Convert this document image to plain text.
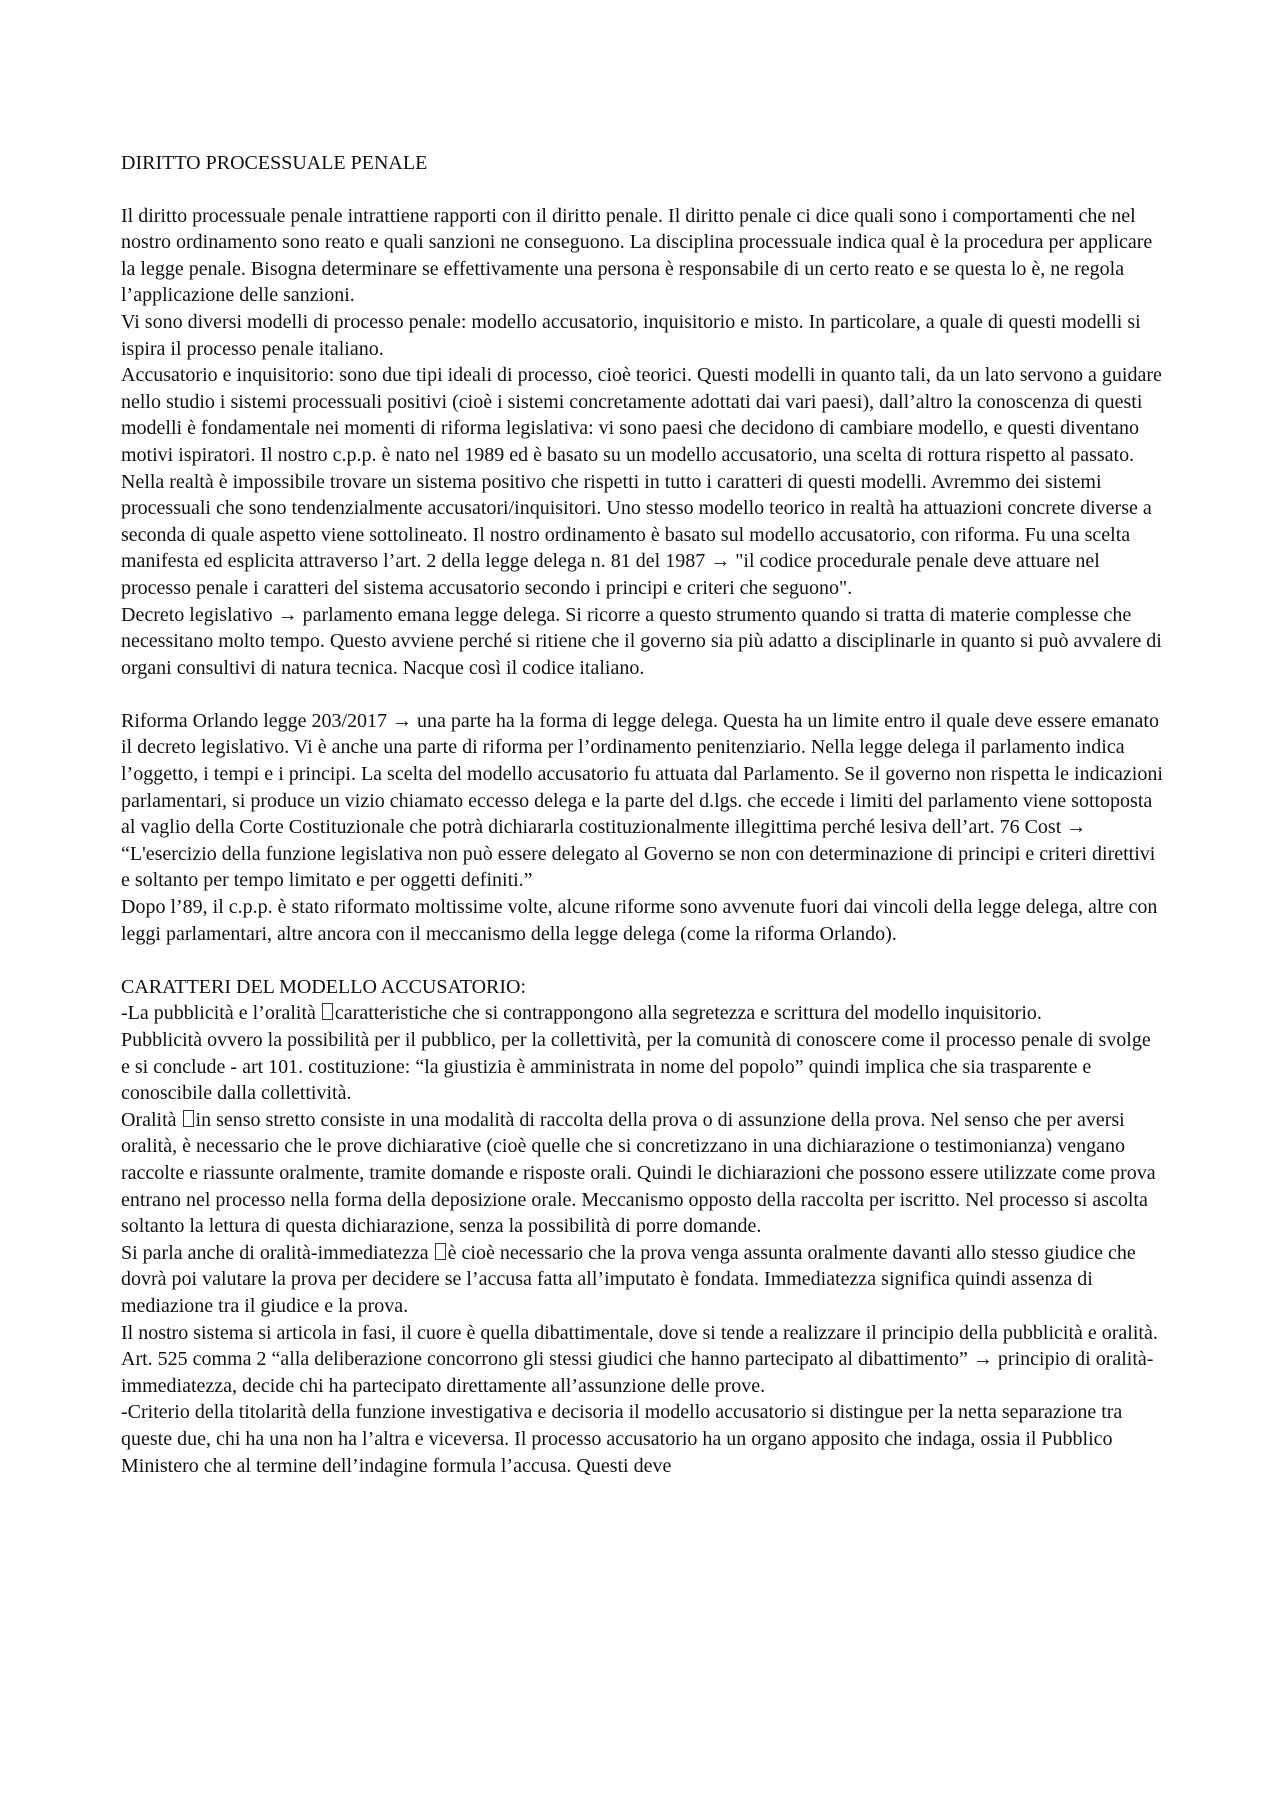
DIRITTO PROCESSUALE PENALE

Il diritto processuale penale intrattiene rapporti con il diritto penale. Il diritto penale ci dice quali sono i comportamenti che nel nostro ordinamento sono reato e quali sanzioni ne conseguono. La disciplina processuale indica qual è la procedura per applicare la legge penale. Bisogna determinare se effettivamente una persona è responsabile di un certo reato e se questa lo è, ne regola l’applicazione delle sanzioni.

Vi sono diversi modelli di processo penale: modello accusatorio, inquisitorio e misto. In particolare, a quale di questi modelli si ispira il processo penale italiano.

Accusatorio e inquisitorio: sono due tipi ideali di processo, cioè teorici. Questi modelli in quanto tali, da un lato servono a guidare nello studio i sistemi processuali positivi (cioè i sistemi concretamente adottati dai vari paesi), dall’altro la conoscenza di questi modelli è fondamentale nei momenti di riforma legislativa: vi sono paesi che decidono di cambiare modello, e questi diventano motivi ispiratori. Il nostro c.p.p. è nato nel 1989 ed è basato su un modello accusatorio, una scelta di rottura rispetto al passato. Nella realtà è impossibile trovare un sistema positivo che rispetti in tutto i caratteri di questi modelli. Avremmo dei sistemi processuali che sono tendenzialmente accusatori/inquisitori. Uno stesso modello teorico in realtà ha attuazioni concrete diverse a seconda di quale aspetto viene sottolineato. Il nostro ordinamento è basato sul modello accusatorio, con riforma. Fu una scelta manifesta ed esplicita attraverso l’art. 2 della legge delega n. 81 del 1987 → "il codice procedurale penale deve attuare nel processo penale i caratteri del sistema accusatorio secondo i principi e criteri che seguono".

Decreto legislativo → parlamento emana legge delega. Si ricorre a questo strumento quando si tratta di materie complesse che necessitano molto tempo. Questo avviene perché si ritiene che il governo sia più adatto a disciplinarle in quanto si può avvalere di organi consultivi di natura tecnica. Nacque così il codice italiano.

Riforma Orlando legge 203/2017 → una parte ha la forma di legge delega. Questa ha un limite entro il quale deve essere emanato il decreto legislativo. Vi è anche una parte di riforma per l’ordinamento penitenziario. Nella legge delega il parlamento indica l’oggetto, i tempi e i principi. La scelta del modello accusatorio fu attuata dal Parlamento. Se il governo non rispetta le indicazioni parlamentari, si produce un vizio chiamato eccesso delega e la parte del d.lgs. che eccede i limiti del parlamento viene sottoposta al vaglio della Corte Costituzionale che potrà dichiararla costituzionalmente illegittima perché lesiva dell’art. 76 Cost → “L'esercizio della funzione legislativa non può essere delegato al Governo se non con determinazione di principi e criteri direttivi e soltanto per tempo limitato e per oggetti definiti.”

Dopo l’89, il c.p.p. è stato riformato moltissime volte, alcune riforme sono avvenute fuori dai vincoli della legge delega, altre con leggi parlamentari, altre ancora con il meccanismo della legge delega (come la riforma Orlando).

CARATTERI DEL MODELLO ACCUSATORIO:

-La pubblicità e l’oralità caratteristiche che si contrappongono alla segretezza e scrittura del modello inquisitorio.

Pubblicità ovvero la possibilità per il pubblico, per la collettività, per la comunità di conoscere come il processo penale di svolge e si conclude - art 101. costituzione: “la giustizia è amministrata in nome del popolo” quindi implica che sia trasparente e conoscibile dalla collettività.

Oralità in senso stretto consiste in una modalità di raccolta della prova o di assunzione della prova. Nel senso che per aversi oralità, è necessario che le prove dichiarative (cioè quelle che si concretizzano in una dichiarazione o testimonianza) vengano raccolte e riassunte oralmente, tramite domande e risposte orali. Quindi le dichiarazioni che possono essere utilizzate come prova entrano nel processo nella forma della deposizione orale. Meccanismo opposto della raccolta per iscritto. Nel processo si ascolta soltanto la lettura di questa dichiarazione, senza la possibilità di porre domande.

Si parla anche di oralità-immediatezza è cioè necessario che la prova venga assunta oralmente davanti allo stesso giudice che dovrà poi valutare la prova per decidere se l’accusa fatta all’imputato è fondata. Immediatezza significa quindi assenza di mediazione tra il giudice e la prova.

Il nostro sistema si articola in fasi, il cuore è quella dibattimentale, dove si tende a realizzare il principio della pubblicità e oralità. Art. 525 comma 2 “alla deliberazione concorrono gli stessi giudici che hanno partecipato al dibattimento” → principio di oralità-immediatezza, decide chi ha partecipato direttamente all’assunzione delle prove.

-Criterio della titolarità della funzione investigativa e decisoria il modello accusatorio si distingue per la netta separazione tra queste due, chi ha una non ha l’altra e viceversa. Il processo accusatorio ha un organo apposito che indaga, ossia il Pubblico Ministero che al termine dell’indagine formula l’accusa. Questi deve
